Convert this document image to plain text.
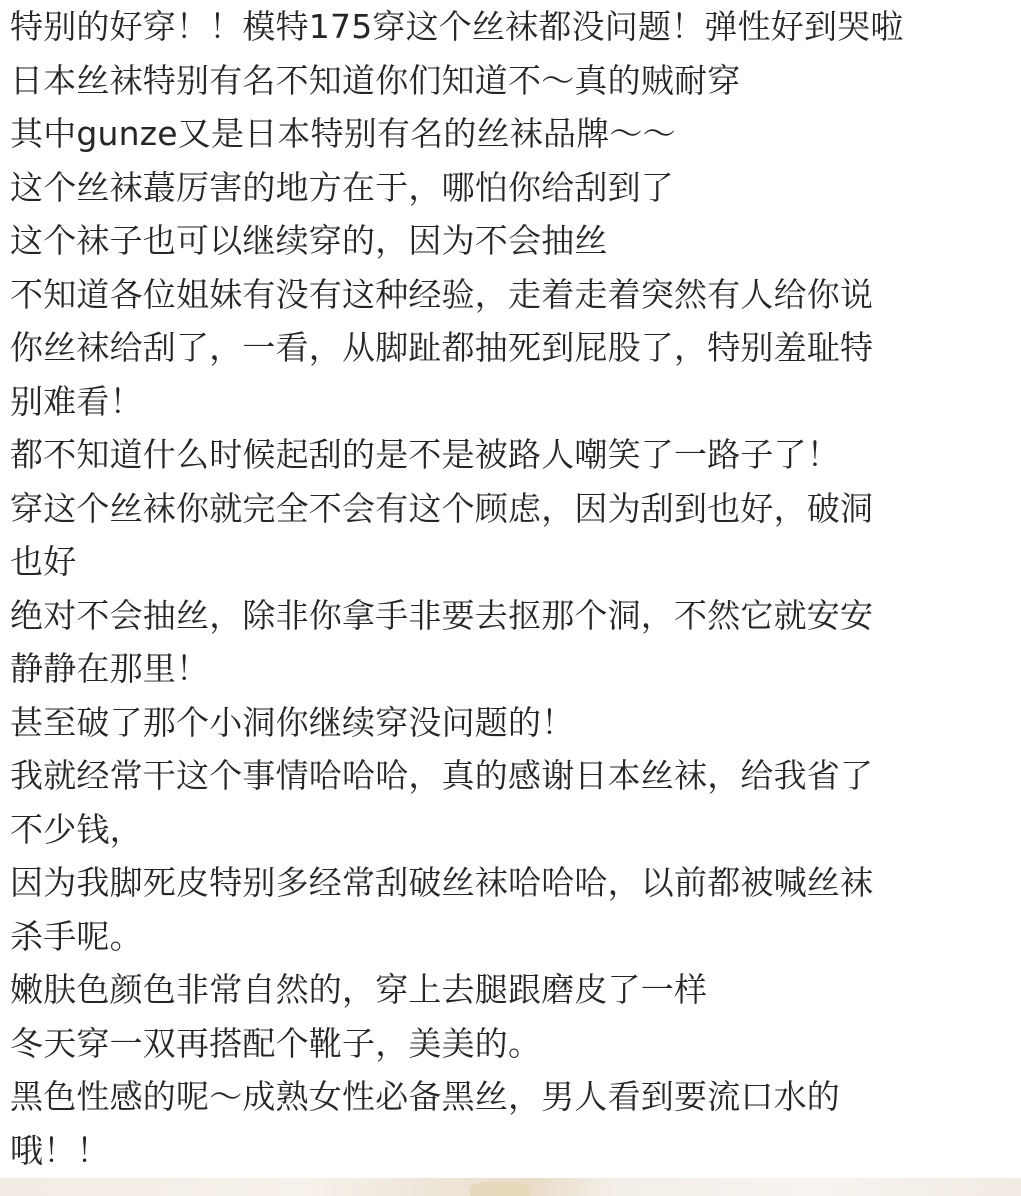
特别的好穿！！模特175穿这个丝袜都没问题！弹性好到哭啦
日本丝袜特别有名不知道你们知道不～真的贼耐穿
其中gunze又是日本特别有名的丝袜品牌～～
这个丝袜蕞厉害的地方在于，哪怕你给刮到了
这个袜子也可以继续穿的，因为不会抽丝
不知道各位姐妹有没有这种经验，走着走着突然有人给你说
你丝袜给刮了，一看，从脚趾都抽死到屁股了，特别羞耻特
别难看！
都不知道什么时候起刮的是不是被路人嘲笑了一路子了！
穿这个丝袜你就完全不会有这个顾虑，因为刮到也好，破洞
也好
绝对不会抽丝，除非你拿手非要去抠那个洞，不然它就安安
静静在那里！
甚至破了那个小洞你继续穿没问题的！
我就经常干这个事情哈哈哈，真的感谢日本丝袜，给我省了
不少钱，
因为我脚死皮特别多经常刮破丝袜哈哈哈，以前都被喊丝袜
杀手呢。
嫩肤色颜色非常自然的，穿上去腿跟磨皮了一样
冬天穿一双再搭配个靴子，美美的。
黑色性感的呢～成熟女性必备黑丝，男人看到要流口水的
哦！！
